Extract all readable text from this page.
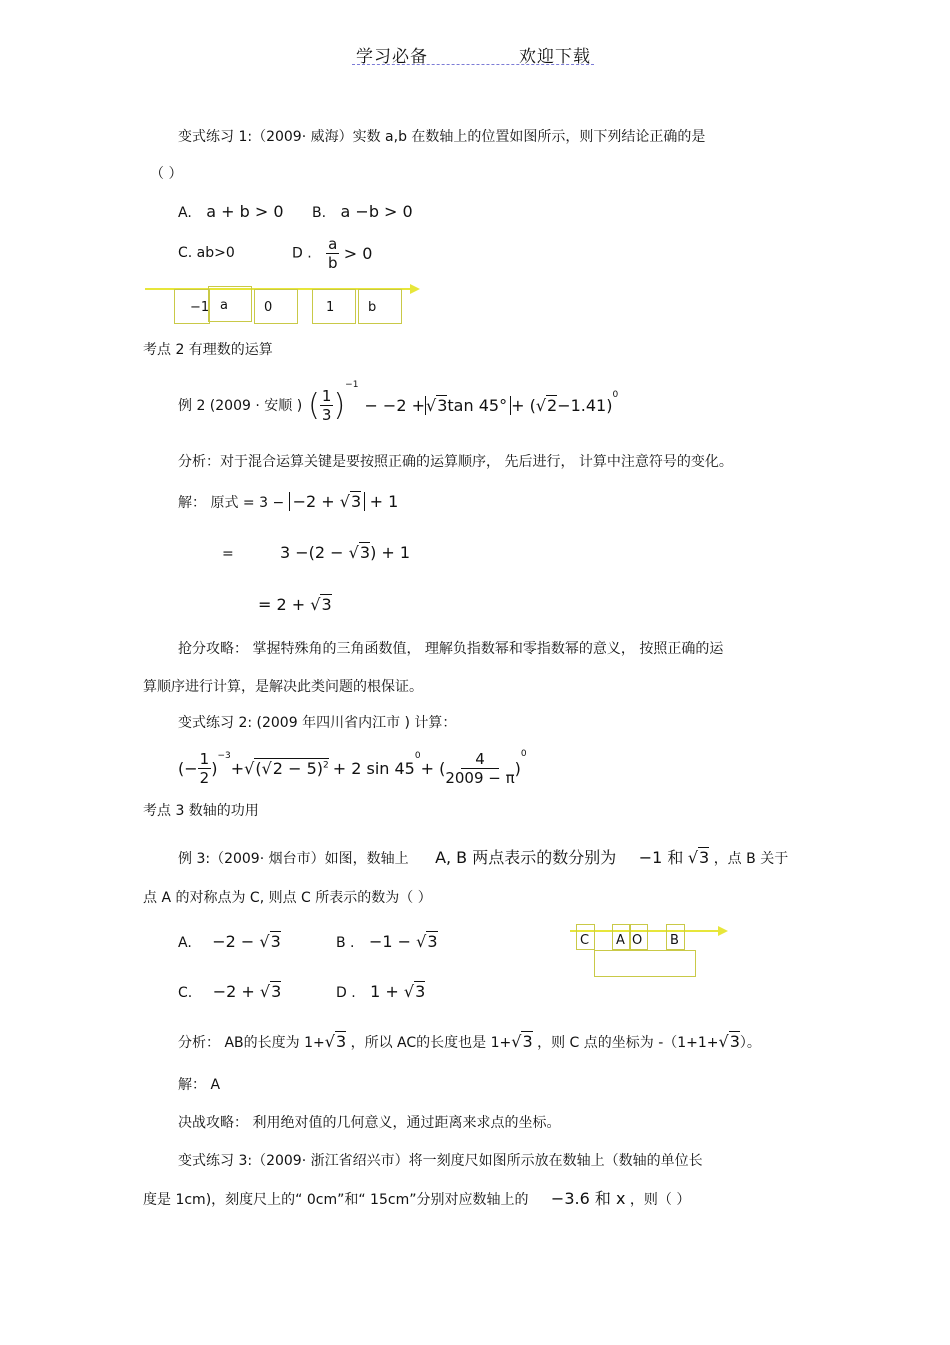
学习必备	欢迎下载
变式练习 1:（2009· 威海）实数 a,b 在数轴上的位置如图所示，则下列结论正确的是
（ ）
A. a + b > 0 B. a −b > 0
C. ab>0	D . $\frac{a}{b} > 0$
−1 a	0	1	b
考点 2 有理数的运算
例 2 (2009 · 安顺 ) ( $\frac{1}{3}$ )
−1
− −2 + √3 tan 45° + ( √2 −1.41)
0
分析：对于混合运算关键是要按照正确的运算顺序， 先后进行， 计算中注意符号的变化。
解： 原式 = 3 − −2 + √3 + 1
=	3 −(2 − √3) + 1
= 2 + √3
抢分攻略： 掌握特殊角的三角函数值， 理解负指数幂和零指数幂的意义， 按照正确的运
算顺序进行计算，是解决此类问题的根保证。
变式练习 2: (2009 年四川省内江市 ) 计算：
(− $\frac{1}{2}$ )
−3
+ $√(√2 - 5)^2 + 2$ sin 45
0
+ ( $\frac{4}{2009 - \pi}$ )
0
考点 3 数轴的功用
例 3:（2009· 烟台市）如图，数轴上 A, B 两点表示的数分别为 −1 和 √3 ，点 B 关于
点 A 的对称点为 C, 则点 C 所表示的数为（ ）
A. −2 − √3	B . −1 − √3
C. −2 + √3	D . 1 + √3
C A O B
分析： AB的长度为 1+√3 ，所以 AC的长度也是 1+√3 ，则 C 点的坐标为 -（1+1+√3）。
解： A
决战攻略： 利用绝对值的几何意义，通过距离来求点的坐标。
变式练习 3:（2009· 浙江省绍兴市）将一刻度尺如图所示放在数轴上（数轴的单位长
度是 1cm)，刻度尺上的“ 0cm”和“ 15cm”分别对应数轴上的 −3.6 和 x ，则（ ）
